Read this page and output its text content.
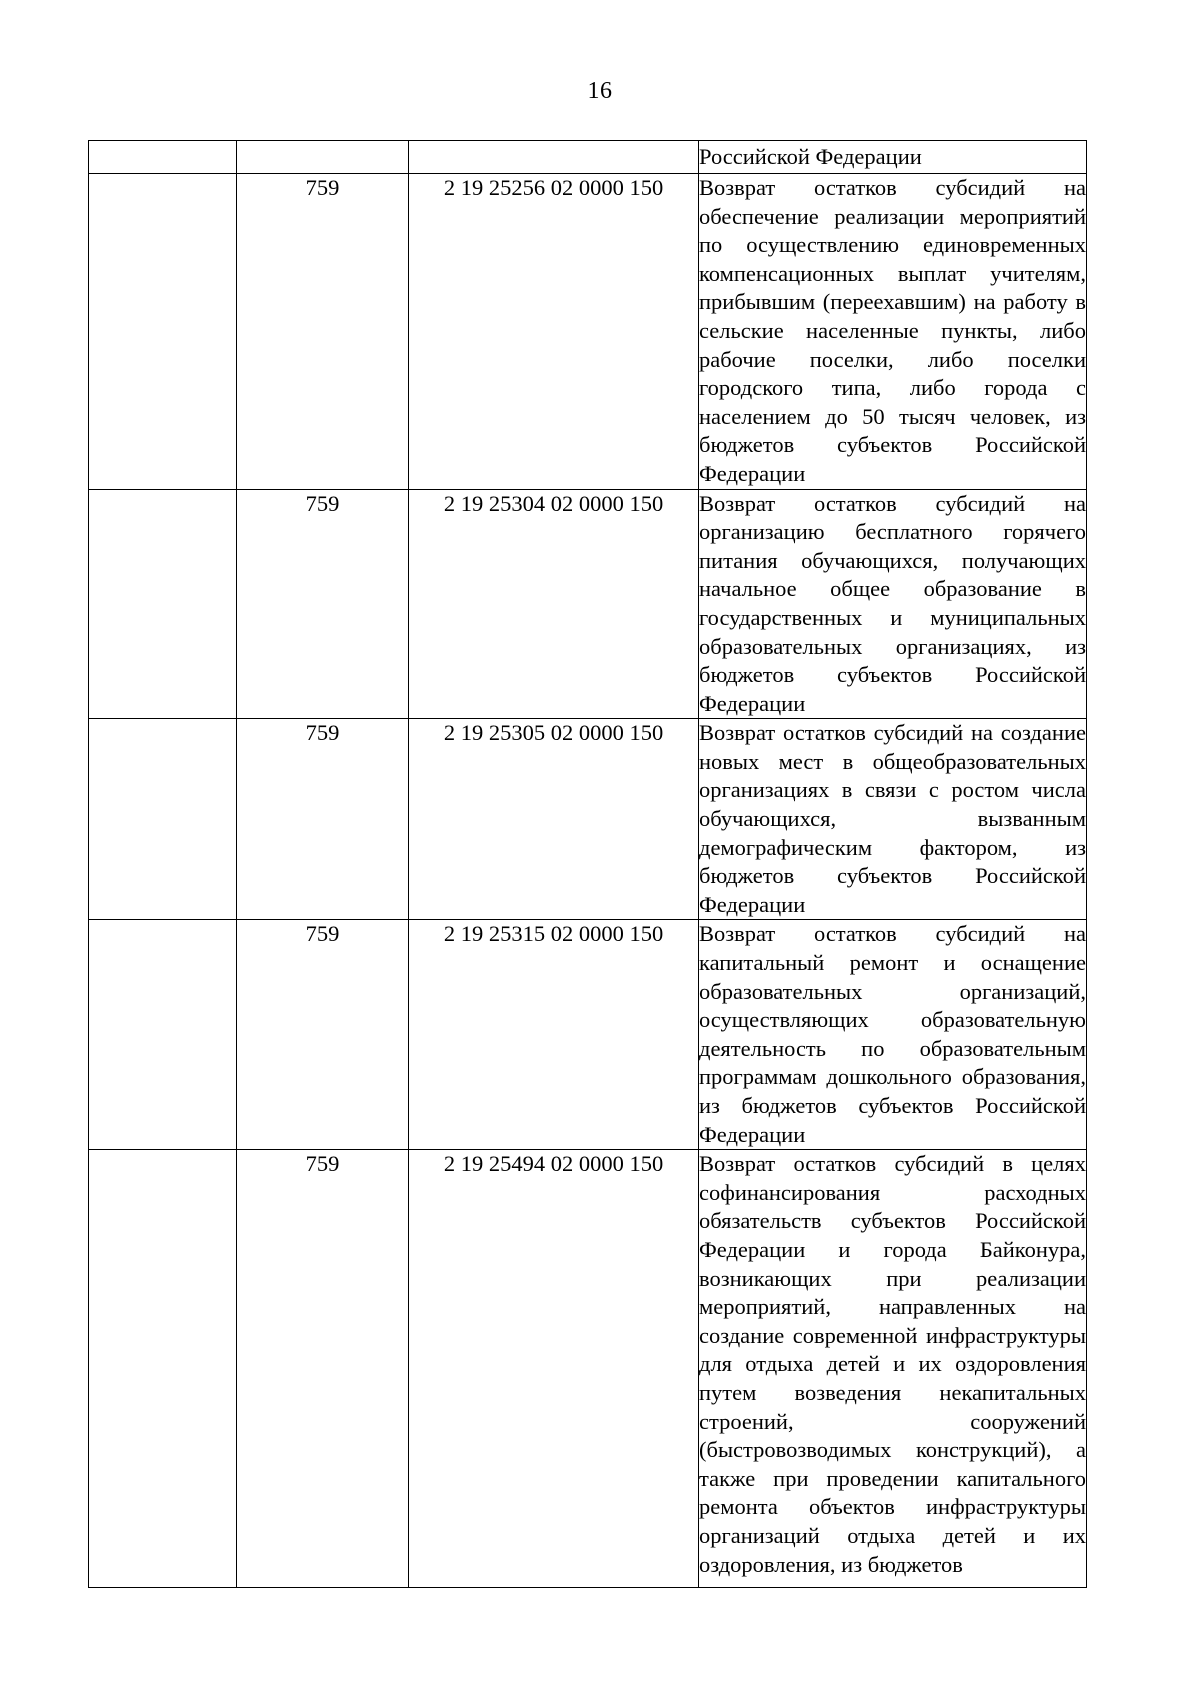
16
			Российской Федерации
	759	2 19 25256 02 0000 150	Возврат остатков субсидий на обеспечение реализации мероприятий по осуществлению единовременных компенсационных выплат учителям, прибывшим (переехавшим) на работу в сельские населенные пункты, либо рабочие поселки, либо поселки городского типа, либо города с населением до 50 тысяч человек, из бюджетов субъектов Российской Федерации
	759	2 19 25304 02 0000 150	Возврат остатков субсидий на организацию бесплатного горячего питания обучающихся, получающих начальное общее образование в государственных и муниципальных образовательных организациях, из бюджетов субъектов Российской Федерации
	759	2 19 25305 02 0000 150	Возврат остатков субсидий на создание новых мест в общеобразовательных организациях в связи с ростом числа обучающихся, вызванным демографическим фактором, из бюджетов субъектов Российской Федерации
	759	2 19 25315 02 0000 150	Возврат остатков субсидий на капитальный ремонт и оснащение образовательных организаций, осуществляющих образовательную деятельность по образовательным программам дошкольного образования, из бюджетов субъектов Российской Федерации
	759	2 19 25494 02 0000 150	Возврат остатков субсидий в целях софинансирования расходных обязательств субъектов Российской Федерации и города Байконура, возникающих при реализации мероприятий, направленных на создание современной инфраструктуры для отдыха детей и их оздоровления путем возведения некапитальных строений, сооружений (быстровозводимых конструкций), а также при проведении капитального ремонта объектов инфраструктуры организаций отдыха детей и их оздоровления, из бюджетов
